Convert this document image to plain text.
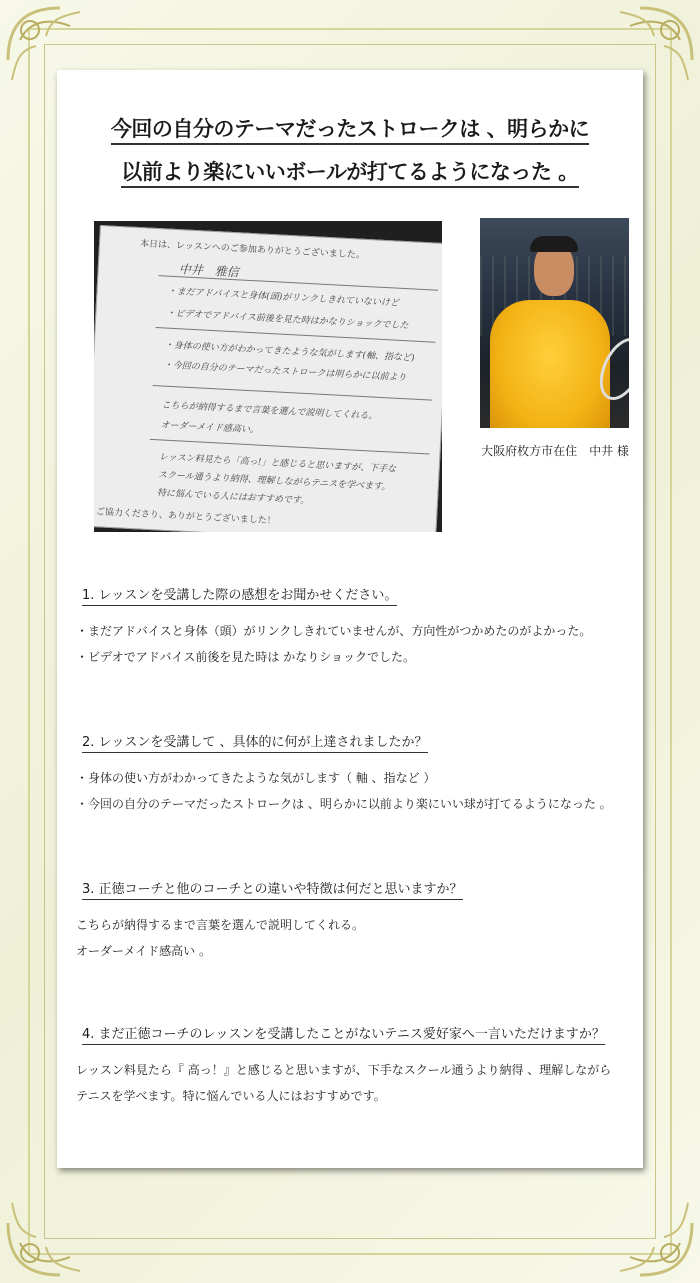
今回の自分のテーマだったストロークは 、明らかに
以前より楽にいいボールが打てるようになった 。
本日は、レッスンへのご参加ありがとうございました。
中井　雅信
・まだアドバイスと身体(頭)がリンクしきれていないけど
・ビデオでアドバイス前後を見た時はかなりショックでした
・身体の使い方がわかってきたような気がします(軸、指など)
・今回の自分のテーマだったストロークは明らかに以前より
こちらが納得するまで言葉を選んで説明してくれる。
オーダーメイド感高い。
レッスン料見たら「高っ!」と感じると思いますが、下手な
スクール通うより納得、理解しながらテニスを学べます。
特に悩んでいる人にはおすすめです。
ご協力くださり、ありがとうございました！
大阪府枚方市在住　中井 様
1. レッスンを受講した際の感想をお聞かせください。
・まだアドバイスと身体（頭）がリンクしきれていませんが、方向性がつかめたのがよかった。
・ビデオでアドバイス前後を見た時は かなりショックでした。
2. レッスンを受講して 、具体的に何が上達されましたか？
・身体の使い方がわかってきたような気がします（ 軸 、指など ）
・今回の自分のテーマだったストロークは 、明らかに以前より楽にいい球が打てるようになった 。
3. 正徳コーチと他のコーチとの違いや特徴は何だと思いますか？
こちらが納得するまで言葉を選んで説明してくれる。
オーダーメイド感高い 。
4. まだ正徳コーチのレッスンを受講したことがないテニス愛好家へ一言いただけますか？
レッスン料見たら『 高っ！』と感じると思いますが、下手なスクール通うより納得 、理解しながら
テニスを学べます。特に悩んでいる人にはおすすめです。
